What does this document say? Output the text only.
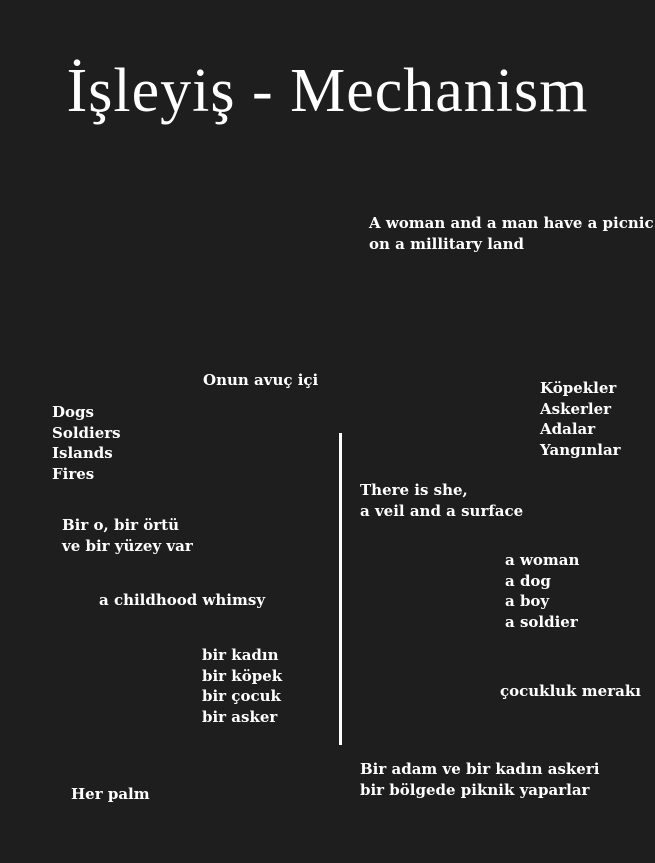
İşleyiş - Mechanism
A woman and a man have a picnic
on a millitary land
Onun avuç içi	Köpekler
Askerler
Adalar
Yangınlar
Dogs
Soldiers
Islands
Fires
There is she,
a veil and a surface
Bir o, bir örtü
ve bir yüzey var
a woman
a dog
a boy
a soldier
a childhood whimsy
bir kadın
bir köpek
bir çocuk
bir asker
çocukluk merakı
Bir adam ve bir kadın askeri
bir bölgede piknik yaparlar
Her palm
